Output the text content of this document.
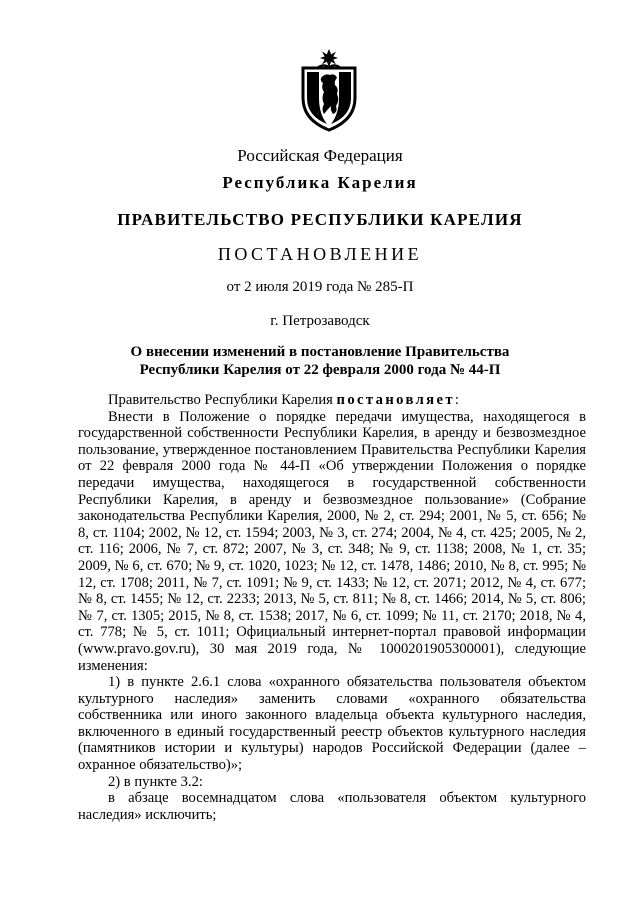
Российская Федерация
Республика Карелия
ПРАВИТЕЛЬСТВО РЕСПУБЛИКИ КАРЕЛИЯ
ПОСТАНОВЛЕНИЕ
от 2 июля 2019 года № 285-П
г. Петрозаводск
О внесении изменений в постановление Правительства
Республики Карелия от 22 февраля 2000 года № 44-П

Правительство Республики Карелия постановляет:

Внести в Положение о порядке передачи имущества, находящегося в государственной собственности Республики Карелия, в аренду и безвозмездное пользование, утвержденное постановлением Правительства Республики Карелия от 22 февраля 2000 года № 44-П «Об утверждении Положения о порядке передачи имущества, находящегося в государственной собственности Республики Карелия, в аренду и безвозмездное пользование» (Собрание законодательства Республики Карелия, 2000, № 2, ст. 294; 2001, № 5, ст. 656; № 8, ст. 1104; 2002, № 12, ст. 1594; 2003, № 3, ст. 274; 2004, № 4, ст. 425; 2005, № 2, ст. 116; 2006, № 7, ст. 872; 2007, № 3, ст. 348; № 9, ст. 1138; 2008, № 1, ст. 35; 2009, № 6, ст. 670; № 9, ст. 1020, 1023; № 12, ст. 1478, 1486; 2010, № 8, ст. 995; № 12, ст. 1708; 2011, № 7, ст. 1091; № 9, ст. 1433; № 12, ст. 2071; 2012, № 4, ст. 677; № 8, ст. 1455; № 12, ст. 2233; 2013, № 5, ст. 811; № 8, ст. 1466; 2014, № 5, ст. 806; № 7, ст. 1305; 2015, № 8, ст. 1538; 2017, № 6, ст. 1099; № 11, ст. 2170; 2018, № 4, ст. 778; № 5, ст. 1011; Официальный интернет-портал правовой информации (www.pravo.gov.ru), 30 мая 2019 года, № 1000201905300001), следующие изменения:

1) в пункте 2.6.1 слова «охранного обязательства пользователя объектом культурного наследия» заменить словами «охранного обязательства собственника или иного законного владельца объекта культурного наследия, включенного в единый государственный реестр объектов культурного наследия (памятников истории и культуры) народов Российской Федерации (далее – охранное обязательство)»;

2) в пункте 3.2:

в абзаце восемнадцатом слова «пользователя объектом культурного наследия» исключить;
